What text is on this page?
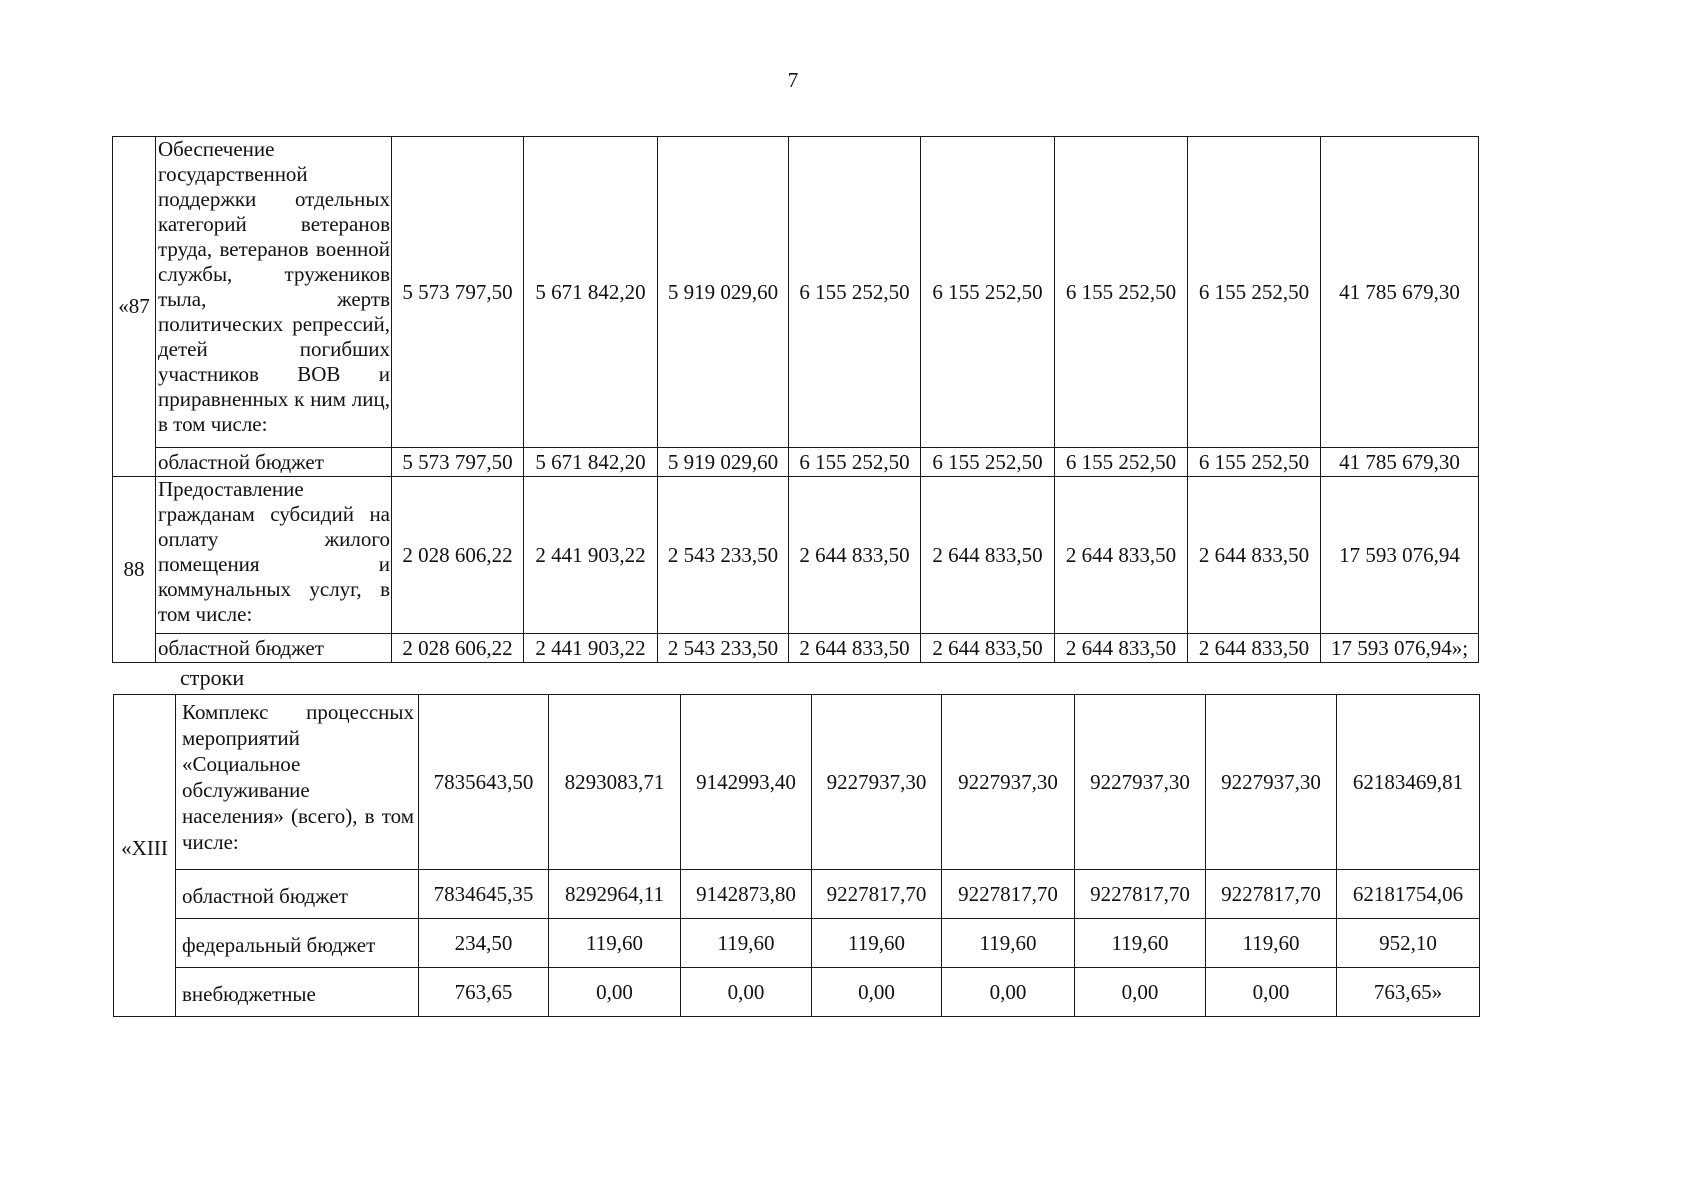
7
«87	Обеспечение государственной поддержки отдельных категорий ветеранов труда, ветеранов военной службы, тружеников тыла, жертв политических репрессий, детей погибших участников ВОВ и приравненных к ним лиц, в том числе:	5 573 797,50	5 671 842,20	5 919 029,60	6 155 252,50	6 155 252,50	6 155 252,50	6 155 252,50	41 785 679,30
	областной бюджет	5 573 797,50	5 671 842,20	5 919 029,60	6 155 252,50	6 155 252,50	6 155 252,50	6 155 252,50	41 785 679,30
88	Предоставление гражданам субсидий на оплату жилого помещения и коммунальных услуг, в том числе:	2 028 606,22	2 441 903,22	2 543 233,50	2 644 833,50	2 644 833,50	2 644 833,50	2 644 833,50	17 593 076,94
	областной бюджет	2 028 606,22	2 441 903,22	2 543 233,50	2 644 833,50	2 644 833,50	2 644 833,50	2 644 833,50	17 593 076,94»;
строки
«XIII	Комплекс процессных мероприятий «Социальное обслуживание населения» (всего), в том числе:	7835643,50	8293083,71	9142993,40	9227937,30	9227937,30	9227937,30	9227937,30	62183469,81
	областной бюджет	7834645,35	8292964,11	9142873,80	9227817,70	9227817,70	9227817,70	9227817,70	62181754,06
	федеральный бюджет	234,50	119,60	119,60	119,60	119,60	119,60	119,60	952,10
	внебюджетные	763,65	0,00	0,00	0,00	0,00	0,00	0,00	763,65»
